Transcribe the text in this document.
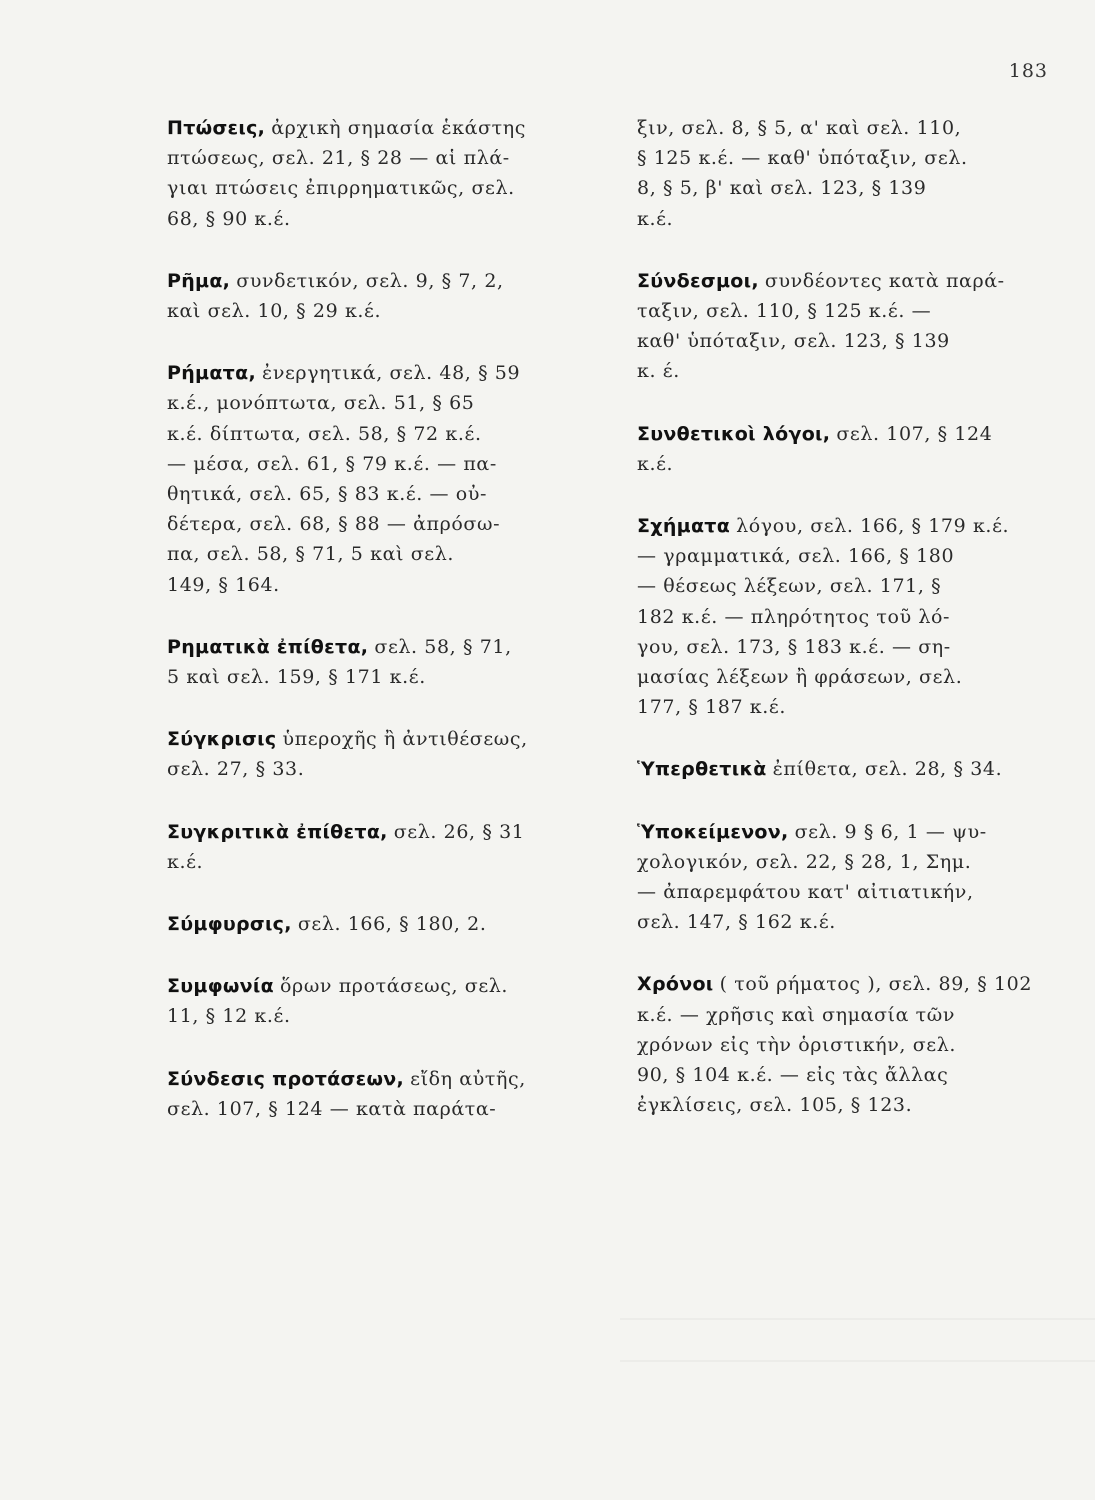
183
Πτώσεις, ἀρχικὴ σημασία ἑκάστης
πτώσεως, σελ. 21, § 28 — αἱ πλά-
γιαι πτώσεις ἐπιρρηματικῶς, σελ.
68, § 90 κ.έ.
Ρῆμα, συνδετικόν, σελ. 9, § 7, 2,
καὶ σελ. 10, § 29 κ.έ.
Ρήματα, ἐνεργητικά, σελ. 48, § 59
κ.έ., μονόπτωτα, σελ. 51, § 65
κ.έ. δίπτωτα, σελ. 58, § 72 κ.έ.
— μέσα, σελ. 61, § 79 κ.έ. — πα-
θητικά, σελ. 65, § 83 κ.έ. — οὐ-
δέτερα, σελ. 68, § 88 — ἀπρόσω-
πα, σελ. 58, § 71, 5 καὶ σελ.
149, § 164.
Ρηματικὰ ἐπίθετα, σελ. 58, § 71,
5 καὶ σελ. 159, § 171 κ.έ.
Σύγκρισις ὑπεροχῆς ἢ ἀντιθέσεως,
σελ. 27, § 33.
Συγκριτικὰ ἐπίθετα, σελ. 26, § 31
κ.έ.
Σύμφυρσις, σελ. 166, § 180, 2.
Συμφωνία ὅρων προτάσεως, σελ.
11, § 12 κ.έ.
Σύνδεσις προτάσεων, εἴδη αὐτῆς,
σελ. 107, § 124 — κατὰ παράτα-
ξιν, σελ. 8, § 5, α' καὶ σελ. 110,
§ 125 κ.έ. — καθ' ὑπόταξιν, σελ.
8, § 5, β' καὶ σελ. 123, § 139
κ.έ.
Σύνδεσμοι, συνδέοντες κατὰ παρά-
ταξιν, σελ. 110, § 125 κ.έ. —
καθ' ὑπόταξιν, σελ. 123, § 139
κ. έ.
Συνθετικοὶ λόγοι, σελ. 107, § 124
κ.έ.
Σχήματα λόγου, σελ. 166, § 179 κ.έ.
— γραμματικά, σελ. 166, § 180
— θέσεως λέξεων, σελ. 171, §
182 κ.έ. — πληρότητος τοῦ λό-
γου, σελ. 173, § 183 κ.έ. — ση-
μασίας λέξεων ἢ φράσεων, σελ.
177, § 187 κ.έ.
Ὑπερθετικὰ ἐπίθετα, σελ. 28, § 34.
Ὑποκείμενον, σελ. 9 § 6, 1 — ψυ-
χολογικόν, σελ. 22, § 28, 1, Σημ.
— ἀπαρεμφάτου κατ' αἰτιατικήν,
σελ. 147, § 162 κ.έ.
Χρόνοι ( τοῦ ρήματος ), σελ. 89, § 102
κ.έ. — χρῆσις καὶ σημασία τῶν
χρόνων εἰς τὴν ὁριστικήν, σελ.
90, § 104 κ.έ. — εἰς τὰς ἄλλας
ἐγκλίσεις, σελ. 105, § 123.
